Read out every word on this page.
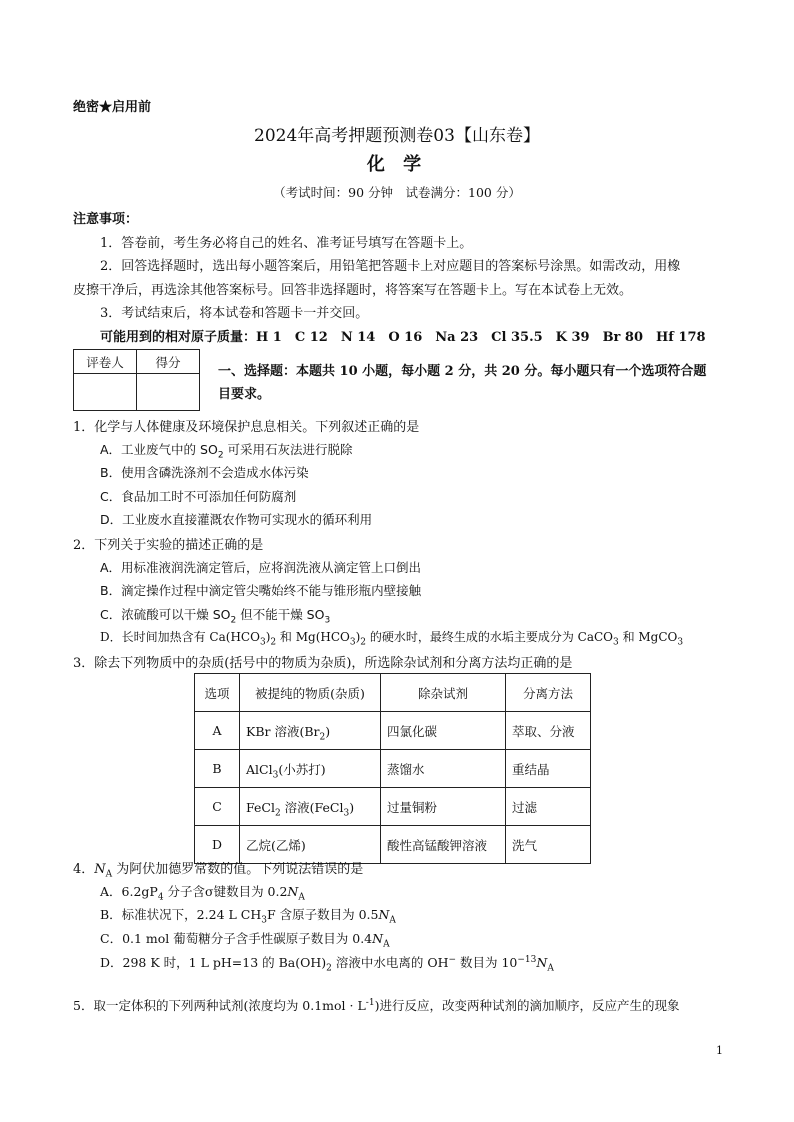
绝密★启用前
2024年高考押题预测卷03【山东卷】
化 学
（考试时间：90 分钟　试卷满分：100 分）
注意事项：
1．答卷前，考生务必将自己的姓名、准考证号填写在答题卡上。
2．回答选择题时，选出每小题答案后，用铅笔把答题卡上对应题目的答案标号涂黑。如需改动，用橡
皮擦干净后，再选涂其他答案标号。回答非选择题时，将答案写在答题卡上。写在本试卷上无效。
3．考试结束后，将本试卷和答题卡一并交回。
可能用到的相对原子质量：H 1　C 12　N 14　O 16　Na 23　Cl 35.5　K 39　Br 80　Hf 178
评卷人	得分

一、选择题：本题共 10 小题，每小题 2 分，共 20 分。每小题只有一个选项符合题
目要求。
1．化学与人体健康及环境保护息息相关。下列叙述正确的是
A．工业废气中的 $SO_2$ 可采用石灰法进行脱除
B．使用含磷洗涤剂不会造成水体污染
C．食品加工时不可添加任何防腐剂
D．工业废水直接灌溉农作物可实现水的循环利用
2．下列关于实验的描述正确的是
A．用标准液润洗滴定管后，应将润洗液从滴定管上口倒出
B．滴定操作过程中滴定管尖嘴始终不能与锥形瓶内壁接触
C．浓硫酸可以干燥 $SO_2$ 但不能干燥 $SO_3$
D．长时间加热含有 $Ca(HCO_3)_2$ 和 $Mg(HCO_3)_2$ 的硬水时，最终生成的水垢主要成分为 CaCO$_3$ 和 MgCO$_3$
3．除去下列物质中的杂质(括号中的物质为杂质)，所选除杂试剂和分离方法均正确的是
选项	被提纯的物质(杂质)	除杂试剂	分离方法
A	KBr 溶液$(Br_2)$	四氯化碳	萃取、分液
B	AlCl$_3$(小苏打)	蒸馏水	重结晶
C	FeCl$_2$ 溶液(FeCl$_3$)	过量铜粉	过滤
D	乙烷(乙烯)	酸性高锰酸钾溶液	洗气
4．$N_A$ 为阿伏加德罗常数的值。下列说法错误的是
A．$6.2gP_4$ 分子含σ键数目为 $0.2N_A$
B．标准状况下，2.24 L $CH_3F$ 含原子数目为 $0.5N_A$
C．0.1 mol 葡萄糖分子含手性碳原子数目为 $0.4N_A$
D．298 K 时，1 L pH=13 的 $Ba(OH)_2$ 溶液中水电离的 OH− 数目为 $10^{-13}N_A$
5．取一定体积的下列两种试剂(浓度均为 $0.1mol \cdot L^{-1}$)进行反应，改变两种试剂的滴加顺序，反应产生的现象
1
